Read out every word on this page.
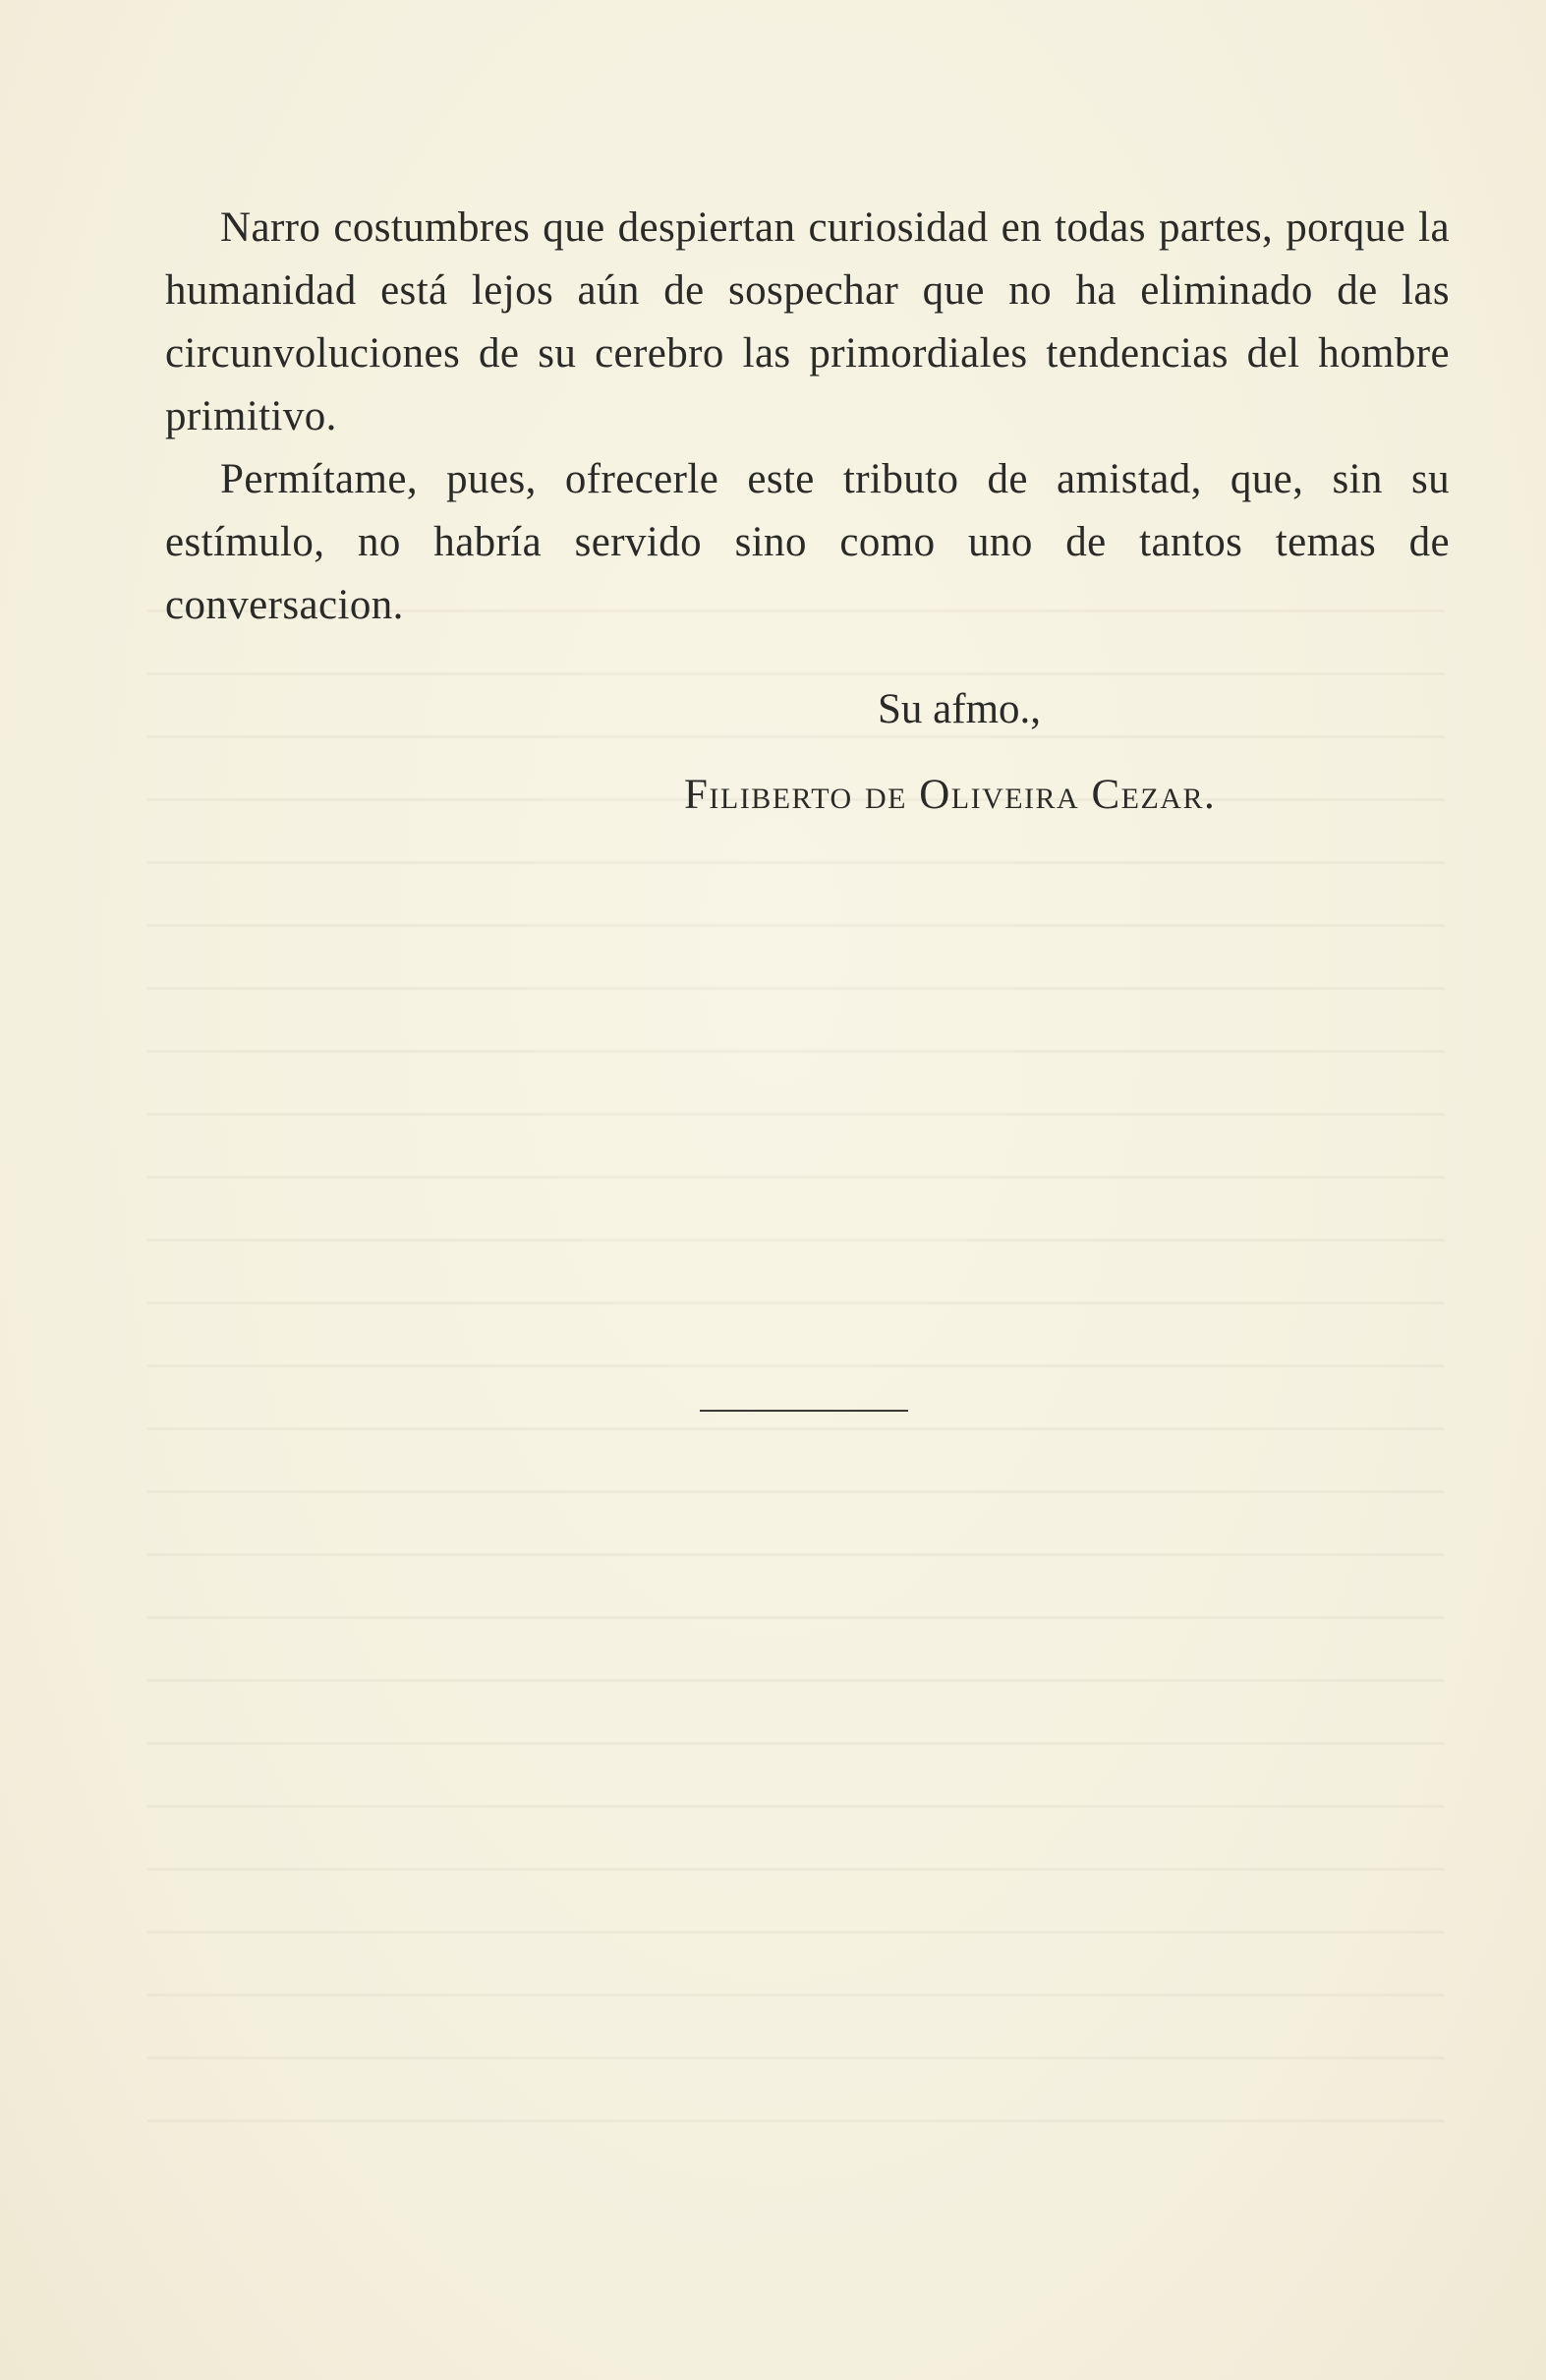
Narro costumbres que despiertan curiosidad en todas partes, porque la humanidad está lejos aún de sospechar que no ha eliminado de las circunvoluciones de su cerebro las primordiales tendencias del hombre primitivo.

Permítame, pues, ofrecerle este tributo de amistad, que, sin su estímulo, no habría servido sino como uno de tantos temas de conversacion.

Su afmo.,

Filiberto de Oliveira Cezar.
